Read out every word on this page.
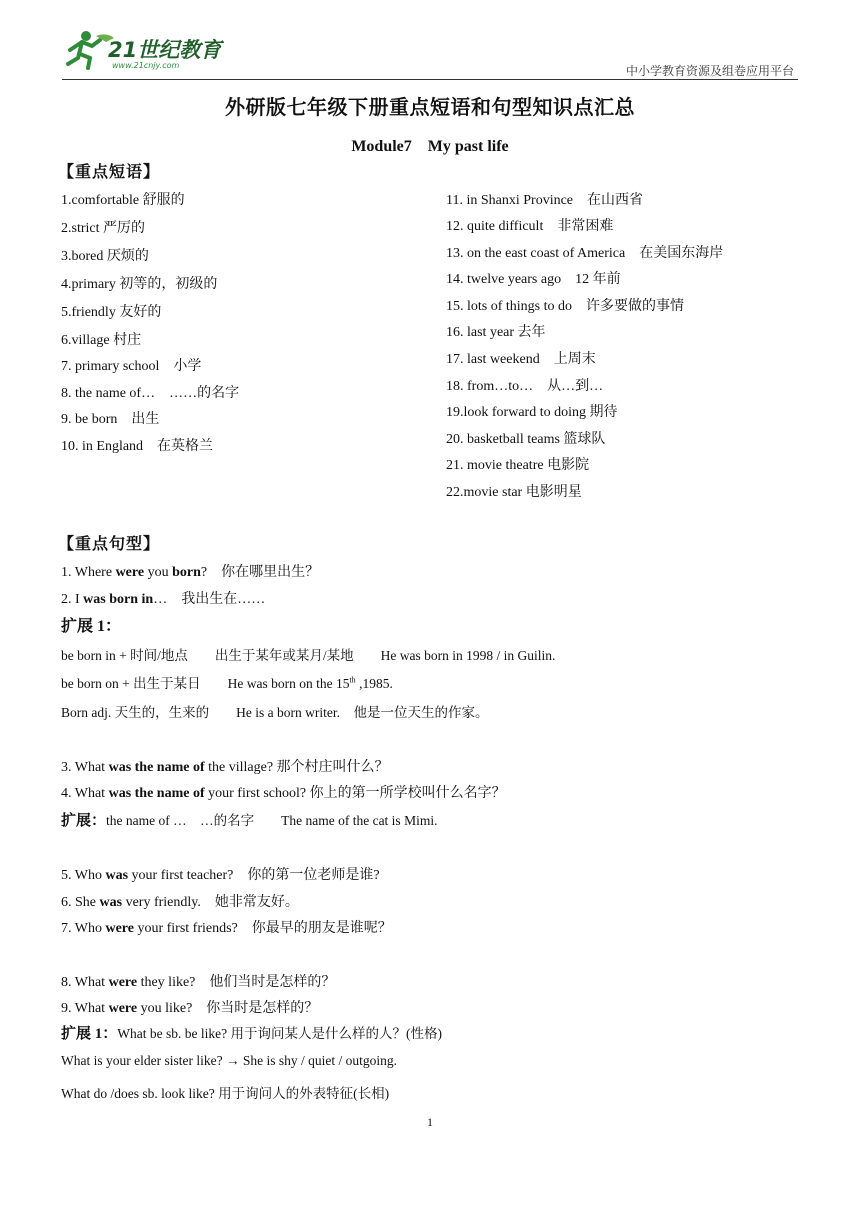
21世纪教育
www.21cnjy.com	中小学教育资源及组卷应用平台
外研版七年级下册重点短语和句型知识点汇总
Module7　My past life
【重点短语】
1.comfortable 舒服的
2.strict 严厉的
3.bored 厌烦的
4.primary 初等的，初级的
5.friendly 友好的
6.village 村庄
7. primary school　小学
8. the name of…　……的名字
9. be born　出生
10. in England　在英格兰
11. in Shanxi Province　在山西省
12. quite difficult　非常困难
13. on the east coast of America　在美国东海岸
14. twelve years ago　12 年前
15. lots of things to do　许多要做的事情
16. last year 去年
17. last weekend　上周末
18. from…to…　从…到…
19.look forward to doing 期待
20. basketball teams 篮球队
21. movie theatre 电影院
22.movie star 电影明星
【重点句型】
1. Where were you born?　你在哪里出生？
2. I was born in…　我出生在……
扩展 1：
be born in + 时间/地点　　出生于某年或某月/某地　　He was born in 1998 / in Guilin.
be born on + 出生于某日　　He was born on the 15th ,1985.
Born adj. 天生的，生来的　　He is a born writer.　他是一位天生的作家。
3. What was the name of the village? 那个村庄叫什么？
4. What was the name of your first school? 你上的第一所学校叫什么名字？
扩展：the name of …　…的名字　　The name of the cat is Mimi.
5. Who was your first teacher?　你的第一位老师是谁?
6. She was very friendly.　她非常友好。
7. Who were your first friends?　你最早的朋友是谁呢？
8. What were they like?　他们当时是怎样的？
9. What were you like?　你当时是怎样的？
扩展 1：What be sb. be like? 用于询问某人是什么样的人？(性格)
What is your elder sister like? → She is shy / quiet / outgoing.
What do /does sb. look like? 用于询问人的外表特征(长相)
1
